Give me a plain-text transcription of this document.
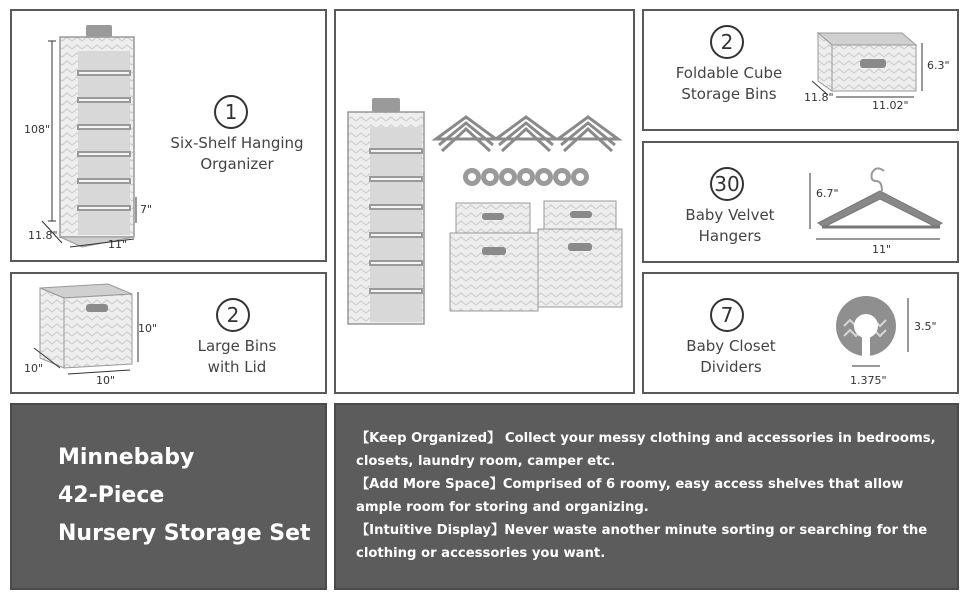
108"
11.8"
11"
7"
1
Six-Shelf Hanging
Organizer
10"
10"
10"
2
Large Bins
with Lid
2
Foldable Cube
Storage Bins
6.3"
11.8"
11.02"
30
Baby Velvet
Hangers
6.7"
11"
7
Baby Closet
Dividers
3.5"
1.375"
Minnebaby
42-Piece
Nursery Storage Set
【Keep Organized】 Collect your messy clothing and accessories in bedrooms, closets, laundry room, camper etc.
【Add More Space】Comprised of 6 roomy, easy access shelves that allow ample room for storing and organizing.
【Intuitive Display】Never waste another minute sorting or searching for the clothing or accessories you want.
